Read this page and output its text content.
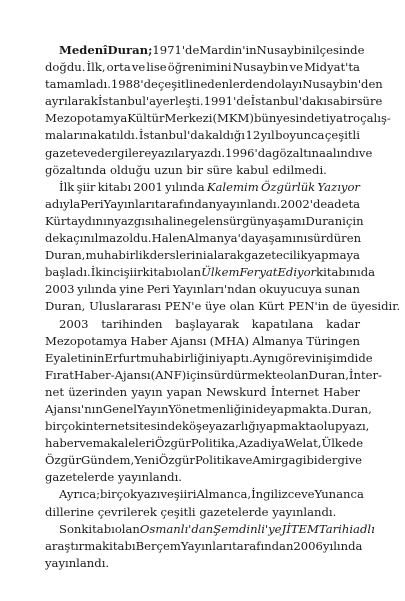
Medenî Duran; 1971'de Mardin'in Nusaybin ilçesinde
doğdu. İlk, orta ve lise öğrenimini Nusaybin ve Midyat'ta
tamamladı. 1988'de çeşitli nedenlerden dolayı Nusaybin'den
ayrılarak İstanbul'a yerleşti. 1991'de İstanbul'da kısa bir süre
Mezopotamya Kültür Merkezi (MKM) bünyesinde tiyatro çalış-
malarına katıldı. İstanbul'da kaldığı 12 yıl boyunca çeşitli
gazete ve dergilere yazılar yazdı. 1996'da gözaltına alındı ve
gözaltında
olduğu
uzun
bir
süre
kabul
edilmedi.
İlk şiir kitabı 2001 yılında Kalemim Özgürlük Yazıyor
adıyla Peri Yayınları tarafından yayınlandı. 2002'de adeta
Kürt aydının yazgısı haline gelen sürgün yaşamı Duran için
de kaçınılmaz oldu. Halen Almanya'da yaşamını sürdüren
Duran, muhabirlik derslerini alarak gazetecilik yapmaya
başladı. İkinci şiir kitabı olan Ülkem Feryat Ediyor kitabını da
2003 yılında yine Peri Yayınları'ndan okuyucuya sunan
Duran,
Uluslararası
PEN'e
üye
olan
Kürt
PEN'in
de
üyesidir.
2003 tarihinden başlayarak kapatılana kadar
Mezopotamya Haber Ajansı (MHA) Almanya Türingen
Eyaletinin Erfurt muhabirliğini yaptı. Aynı görevini şimdi de
Fırat Haber-Ajansı (ANF) için sürdürmekte olan Duran, İnter-
net üzerinden yayın yapan Newskurd İnternet Haber
Ajansı'nın Genel Yayın Yönetmenliğini de yapmakta. Duran,
birçok internet sitesinde köşe yazarlığı yapmakta olup yazı,
haber ve makaleleri Özgür Politika, Azadiya Welat, Ülkede
Özgür Gündem, Yeni Özgür Politika ve Amirga gibi dergi ve
gazetelerde
yayınlandı.
Ayrıca; birçok yazı ve şiiri Almanca, İngilizce ve Yunanca
dillerine
çevrilerek
çeşitli
gazetelerde
yayınlandı.
Son kitabı olan Osmanlı'dan Şemdinli'ye JİTEM Tarihi adlı
araştırma kitabı Berçem Yayınları tarafından 2006 yılında
yayınlandı.
